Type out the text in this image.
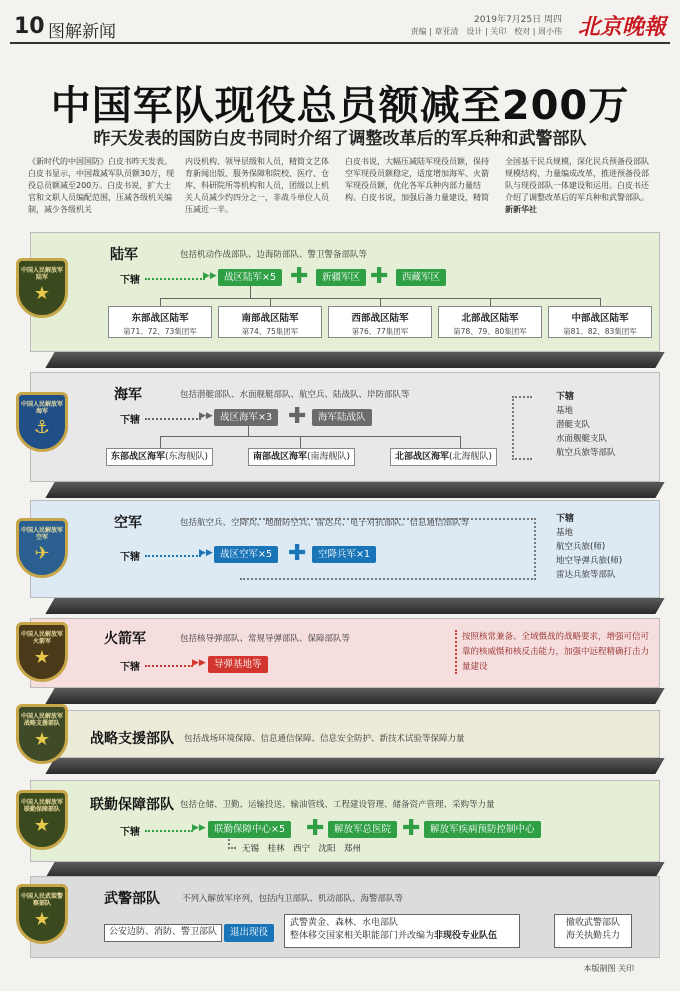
10 图解新闻
2019年7月25日 周四
责编 | 章亚清　设计 | 关印　校对 | 周小伟 北京晚報
中国军队现役总员额减至200万
昨天发表的国防白皮书同时介绍了调整改革后的军兵种和武警部队
《新时代的中国国防》白皮书昨天发表。白皮书显示，中国裁减军队员额30万，现役总员额减至200万。白皮书说，扩大士官和文职人员编配范围，压减各级机关编制，减少各级机关
内设机构、领导层级和人员，精简文艺体育新闻出版、服务保障和院校、医疗、仓库、科研院所等机构和人员，团级以上机关人员减少约四分之一，非战斗单位人员压减近一半。
白皮书说，大幅压减陆军现役员额，保持空军现役员额稳定，适度增加海军、火箭军现役员额，优化各军兵种内部力量结构。白皮书说，加强后备力量建设，精简
全国基干民兵规模，深化民兵预备役部队规模结构、力量编成改革，推进预备役部队与现役部队一体建设和运用。白皮书还介绍了调整改革后的军兵种和武警部队。 新新华社
中国人民解放军 陆军
★
陆军	包括机动作战部队、边海防部队、警卫警备部队等
下辖	▶▶ 战区陆军×5 ✚	新疆军区 ✚	西藏军区
东部战区陆军
第71、72、73集团军
南部战区陆军
第74、75集团军
西部战区陆军
第76、77集团军
北部战区陆军
第78、79、80集团军
中部战区陆军
第81、82、83集团军
中国人民解放军 海军
⚓
海军	包括潜艇部队、水面舰艇部队、航空兵、陆战队、岸防部队等
下辖	▶▶ 战区海军×3 ✚	海军陆战队
东部战区海军(东海舰队)	南部战区海军(南海舰队)	北部战区海军(北海舰队)
下辖
基地
潜艇支队
水面舰艇支队
航空兵旅等部队
中国人民解放军 空军
✈
空军	包括航空兵、空降兵、地面防空兵、雷达兵、电子对抗部队、信息通信部队等
下辖	▶▶ 战区空军×5 ✚	空降兵军×1
下辖
基地
航空兵旅(师)
地空导弹兵旅(师)
雷达兵旅等部队
中国人民解放军 火箭军
★
火箭军	包括核导弹部队、常规导弹部队、保障部队等
下辖	▶▶ 导弹基地等
按照核常兼备、全域慑战的战略要求，增强可信可靠的核威慑和核反击能力，加强中远程精确打击力量建设
中国人民解放军 战略支援部队
★	战略支援部队 包括战场环境保障、信息通信保障、信息安全防护、新技术试验等保障力量
中国人民解放军 联勤保障部队
★
联勤保障部队 包括仓储、卫勤、运输投送、输油管线、工程建设管理、储备资产管理、采购等力量
下辖	▶▶ 联勤保障中心×5 ✚	解放军总医院 ✚	解放军疾病预防控制中心
无锡　桂林　西宁　沈阳　郑州
中国人民武装警察部队
★
武警部队	不列入解放军序列，包括内卫部队、机动部队、海警部队等
公安边防、消防、警卫部队	退出现役
武警黄金、森林、水电部队
整体移交国家相关职能部门并改编为非现役专业队伍
撤收武警部队
海关执勤兵力
本版制图 关印
